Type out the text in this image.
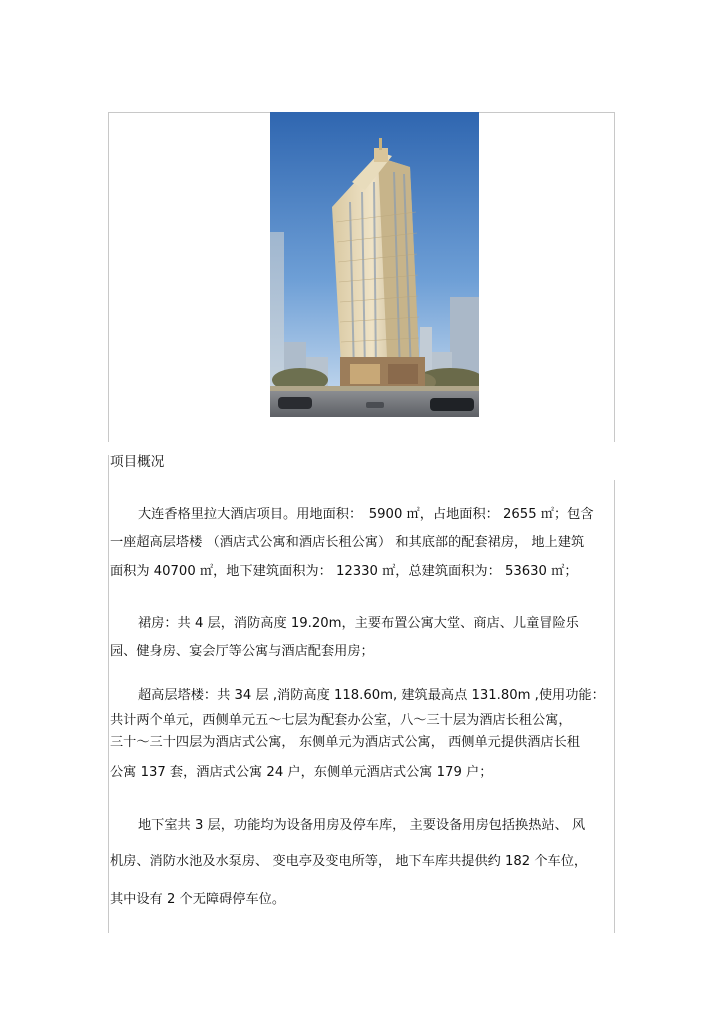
项目概况
大连香格里拉大酒店项目。用地面积：　5900 ㎡，占地面积： 2655 ㎡；包含
一座超高层塔楼 （酒店式公寓和酒店长租公寓） 和其底部的配套裙房， 地上建筑
面积为 40700 ㎡，地下建筑面积为： 12330 ㎡，总建筑面积为： 53630 ㎡；
裙房：共 4 层，消防高度 19.20m，主要布置公寓大堂、商店、儿童冒险乐
园、健身房、宴会厅等公寓与酒店配套用房；
超高层塔楼：共 34 层 ,消防高度 118.60m, 建筑最高点 131.80m ,使用功能：
共计两个单元，西侧单元五～七层为配套办公室，八～三十层为酒店长租公寓，
三十～三十四层为酒店式公寓， 东侧单元为酒店式公寓， 西侧单元提供酒店长租
公寓 137 套，酒店式公寓 24 户，东侧单元酒店式公寓 179 户；
地下室共 3 层，功能均为设备用房及停车库， 主要设备用房包括换热站、 风
机房、消防水池及水泵房、 变电亭及变电所等， 地下车库共提供约 182 个车位，
其中设有 2 个无障碍停车位。
